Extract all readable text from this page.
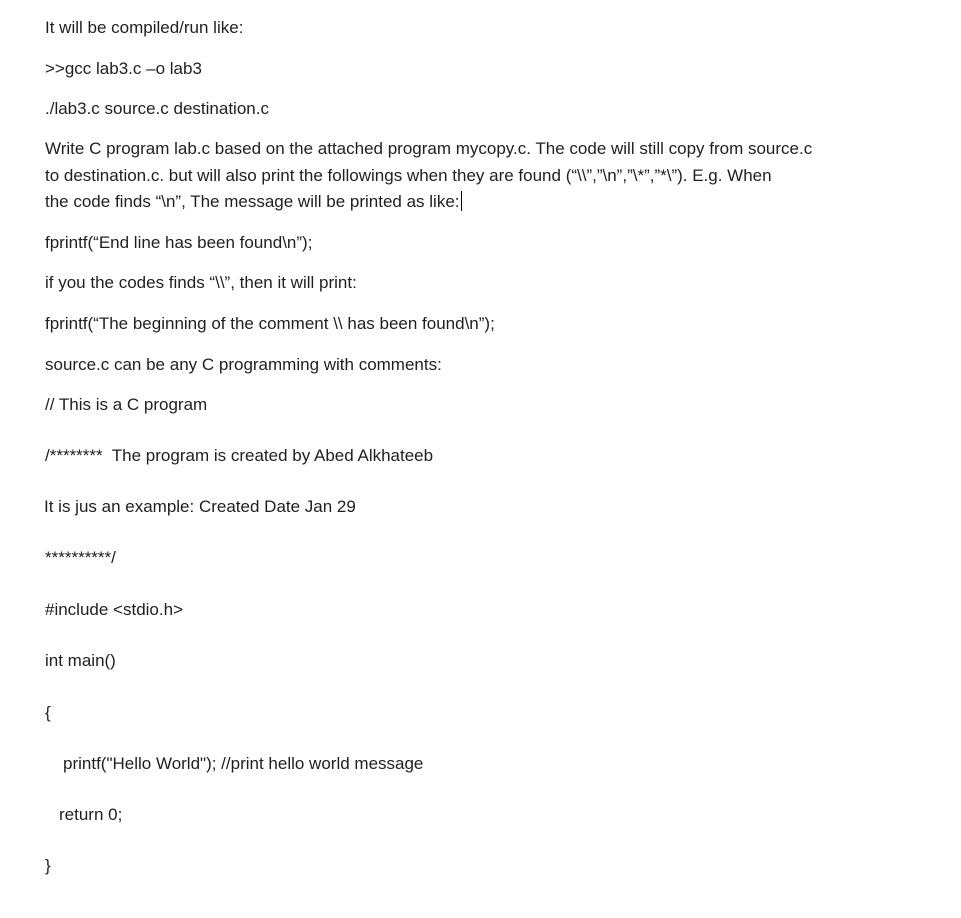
It will be compiled/run like:

>>gcc lab3.c –o lab3

./lab3.c source.c destination.c

Write C program lab.c based on the attached program mycopy.c. The code will still copy from source.c
to destination.c. but will also print the followings when they are found (“\\”,”\n”,”\*”,”*\”). E.g. When
the code finds “\n”, The message will be printed as like:

fprintf(“End line has been found\n”);

if you the codes finds “\\”, then it will print:

fprintf(“The beginning of the comment \\ has been found\n”);

source.c can be any C programming with comments:

// This is a C program

/********  The program is created by Abed Alkhateeb

It is jus an example: Created Date Jan 29

**********/

#include <stdio.h>

int main()

{

printf("Hello World"); //print hello world message

return 0;

}
